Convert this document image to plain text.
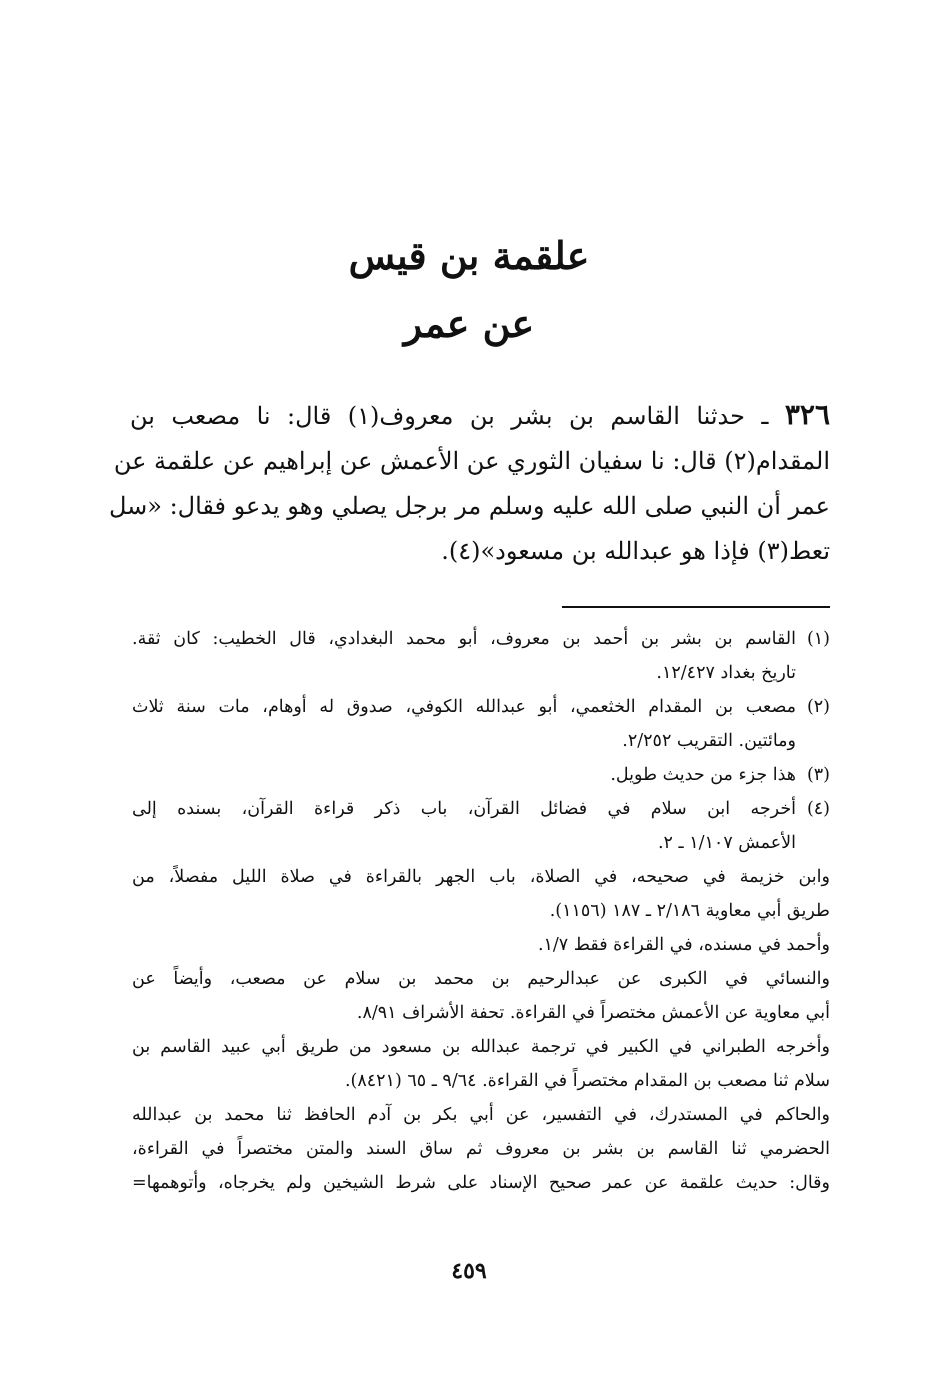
علقمة بن قيس
عن عمر
٣٢٦ ـ حدثنا القاسم بن بشر بن معروف(١) قال: نا مصعب بن
المقدام(٢) قال: نا سفيان الثوري عن الأعمش عن إبراهيم عن علقمة عن
عمر أن النبي صلى الله عليه وسلم مر برجل يصلي وهو يدعو فقال: «سل
تعط(٣) فإذا هو عبدالله بن مسعود»(٤).
(١)
القاسم بن بشر بن أحمد بن معروف، أبو محمد البغدادي، قال الخطيب: كان ثقة.
تاريخ بغداد ١٢/٤٢٧.
(٢)
مصعب بن المقدام الخثعمي، أبو عبدالله الكوفي، صدوق له أوهام، مات سنة ثلاث
ومائتين. التقريب ٢/٢٥٢.
(٣)
هذا جزء من حديث طويل.
(٤)
أخرجه ابن سلام في فضائل القرآن، باب ذكر قراءة القرآن، بسنده إلى
الأعمش ١/١٠٧ ـ ٢.
وابن خزيمة في صحيحه، في الصلاة، باب الجهر بالقراءة في صلاة الليل مفصلاً، من
طريق أبي معاوية ٢/١٨٦ ـ ١٨٧ (١١٥٦).
وأحمد في مسنده، في القراءة فقط ١/٧.
والنسائي في الكبرى عن عبدالرحيم بن محمد بن سلام عن مصعب، وأيضاً عن
أبي معاوية عن الأعمش مختصراً في القراءة. تحفة الأشراف ٨/٩١.
وأخرجه الطبراني في الكبير في ترجمة عبدالله بن مسعود من طريق أبي عبيد القاسم بن
سلام ثنا مصعب بن المقدام مختصراً في القراءة. ٩/٦٤ ـ ٦٥ (٨٤٢١).
والحاكم في المستدرك، في التفسير، عن أبي بكر بن آدم الحافظ ثنا محمد بن عبدالله
الحضرمي ثنا القاسم بن بشر بن معروف ثم ساق السند والمتن مختصراً في القراءة،
وقال: حديث علقمة عن عمر صحيح الإسناد على شرط الشيخين ولم يخرجاه، وأتوهمها=
٤٥٩
